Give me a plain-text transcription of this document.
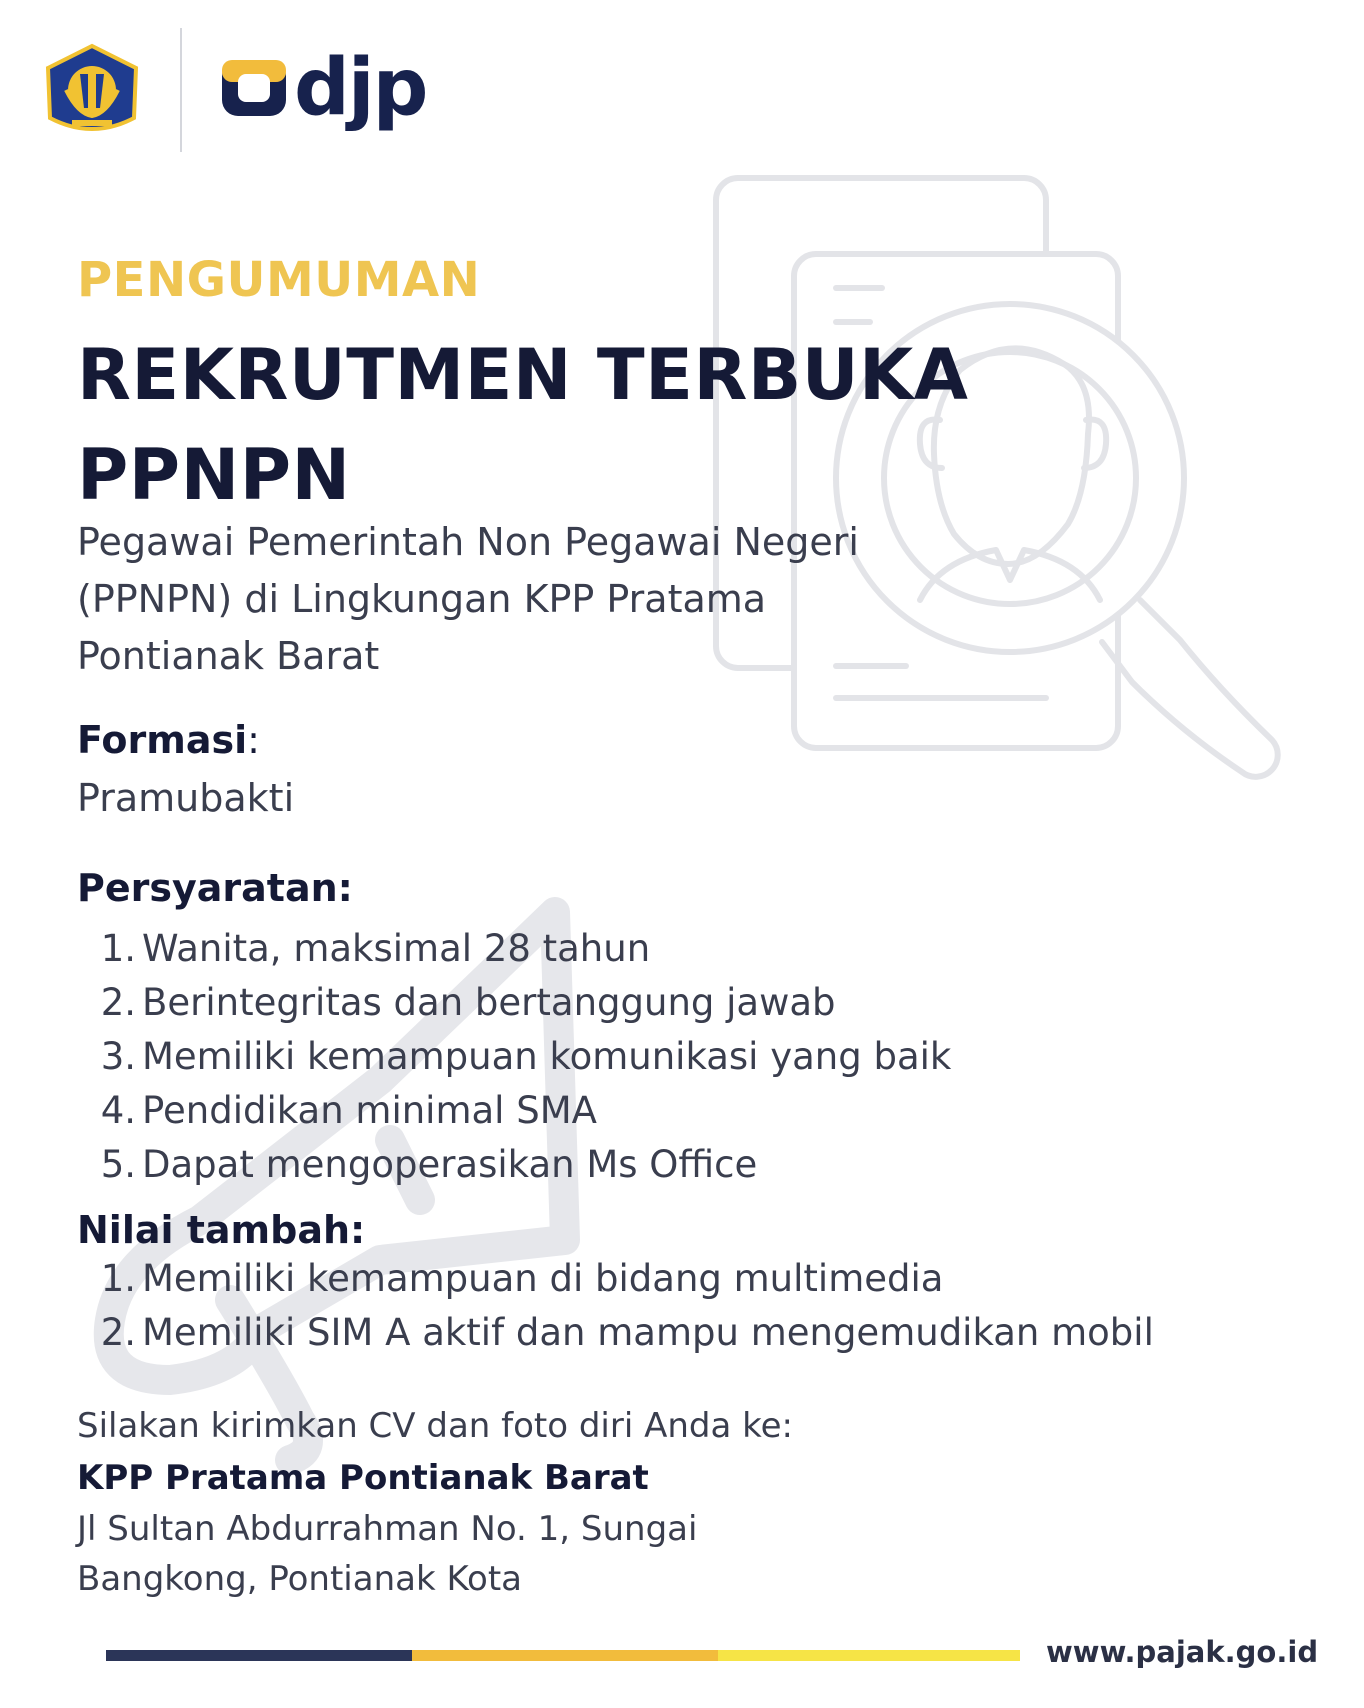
djp
PENGUMUMAN
REKRUTMEN TERBUKA
PPNPN
Pegawai Pemerintah Non Pegawai Negeri
(PPNPN) di Lingkungan KPP Pratama
Pontianak Barat
Formasi:
Pramubakti
Persyaratan:
1. Wanita, maksimal 28 tahun
2. Berintegritas dan bertanggung jawab
3. Memiliki kemampuan komunikasi yang baik
4. Pendidikan minimal SMA
5. Dapat mengoperasikan Ms Office
Nilai tambah:
1. Memiliki kemampuan di bidang multimedia
2. Memiliki SIM A aktif dan mampu mengemudikan mobil
Silakan kirimkan CV dan foto diri Anda ke:
KPP Pratama Pontianak Barat
Jl Sultan Abdurrahman No. 1, Sungai
Bangkong, Pontianak Kota
www.pajak.go.id
